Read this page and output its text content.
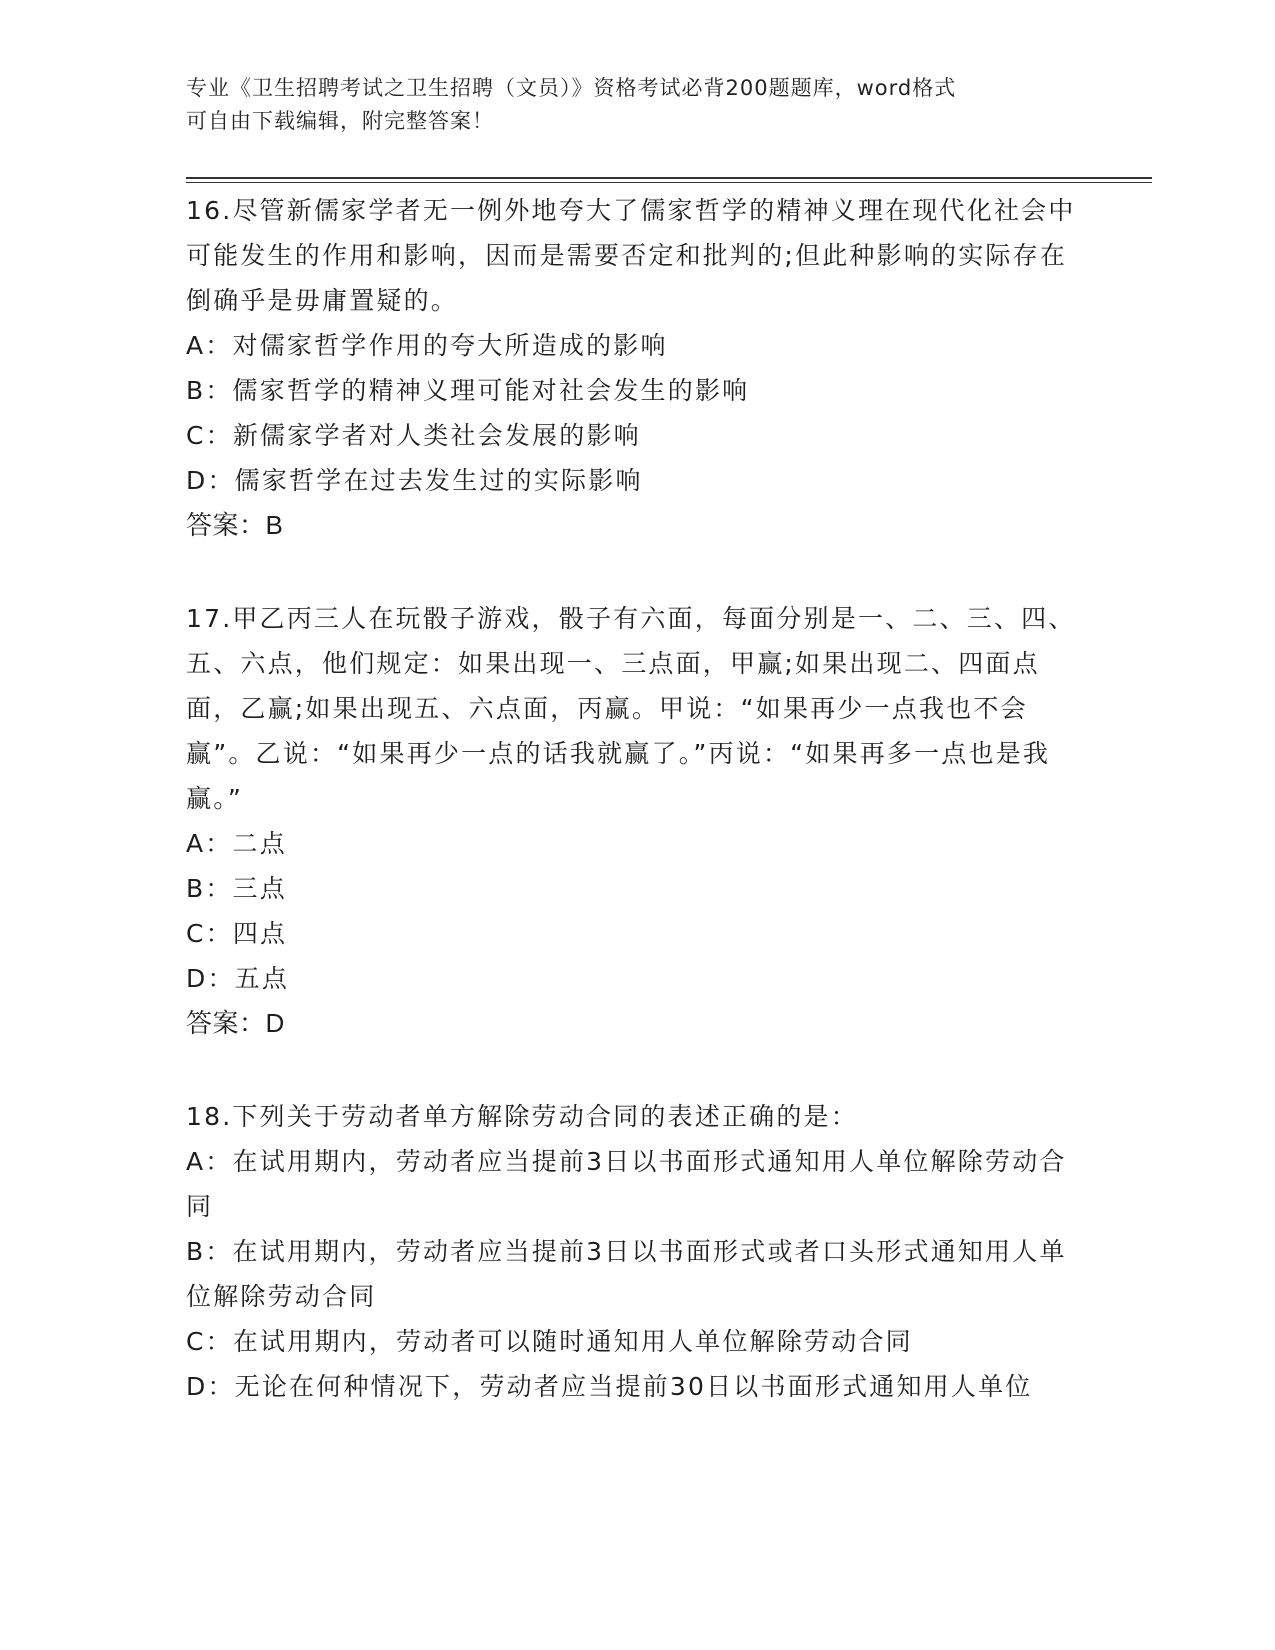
专业《卫生招聘考试之卫生招聘（文员）》资格考试必背200题题库，word格式
可自由下载编辑，附完整答案！

16.尽管新儒家学者无一例外地夸大了儒家哲学的精神义理在现代化社会中可能发生的作用和影响，因而是需要否定和批判的;但此种影响的实际存在倒确乎是毋庸置疑的。

A：对儒家哲学作用的夸大所造成的影响

B：儒家哲学的精神义理可能对社会发生的影响

C：新儒家学者对人类社会发展的影响

D：儒家哲学在过去发生过的实际影响

答案：B

17.甲乙丙三人在玩骰子游戏，骰子有六面，每面分别是一、二、三、四、五、六点，他们规定：如果出现一、三点面，甲赢;如果出现二、四面点面，乙赢;如果出现五、六点面，丙赢。甲说：“如果再少一点我也不会赢”。乙说：“如果再少一点的话我就赢了。”丙说：“如果再多一点也是我赢。”

A：二点

B：三点

C：四点

D：五点

答案：D

18.下列关于劳动者单方解除劳动合同的表述正确的是：

A：在试用期内，劳动者应当提前3日以书面形式通知用人单位解除劳动合同

B：在试用期内，劳动者应当提前3日以书面形式或者口头形式通知用人单位解除劳动合同

C：在试用期内，劳动者可以随时通知用人单位解除劳动合同

D：无论在何种情况下，劳动者应当提前30日以书面形式通知用人单位
